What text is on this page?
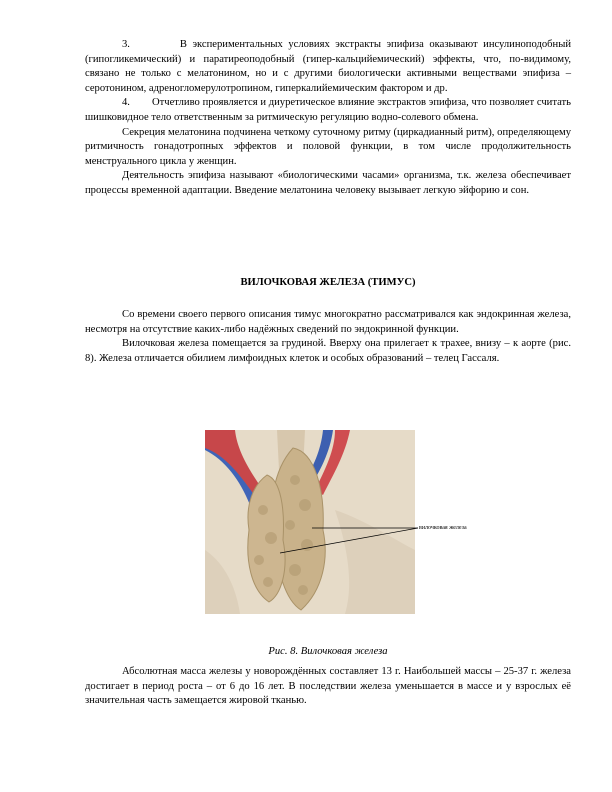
3.         В экспериментальных условиях экстракты эпифиза оказывают инсулиноподобный (гипогликемический) и паратиреоподобный (гипер-кальцийемический) эффекты, что, по-видимому, связано не только с мелатонином, но и с другими биологически активными веществами эпифиза – серотонином, адреногломерулотропином, гиперкалийемическим фактором и др.

4.        Отчетливо проявляется и диуретическое влияние экстрактов эпифиза, что позволяет считать шишковидное тело ответственным за ритмическую регуляцию водно-солевого обмена.

Секреция мелатонина подчинена четкому суточному ритму (циркадианный ритм), определяющему ритмичность гонадотропных эффектов и половой функции, в том числе продолжительность менструального цикла у женщин.

Деятельность эпифиза называют «биологическими часами» организма, т.к. железа обеспечивает процессы временной адаптации. Введение мелатонина человеку вызывает легкую эйфорию и сон.

ВИЛОЧКОВАЯ ЖЕЛЕЗА (ТИМУС)

Со времени своего первого описания тимус многократно рассматривался как эндокринная железа, несмотря на отсутствие каких-либо надёжных сведений по эндокринной функции.

Вилочковая железа помещается за грудиной. Вверху она прилегает к трахее, внизу – к аорте (рис. 8). Железа отличается обилием лимфоидных клеток и особых образований – телец Гассаля.

вилочковая железа
Рис. 8. Вилочковая железа

Абсолютная масса железы у новорождённых составляет 13 г. Наибольшей массы – 25-37 г. железа достигает в период роста – от 6 до 16 лет. В последствии железа уменьшается в массе и у взрослых её значительная часть замещается жировой тканью.
